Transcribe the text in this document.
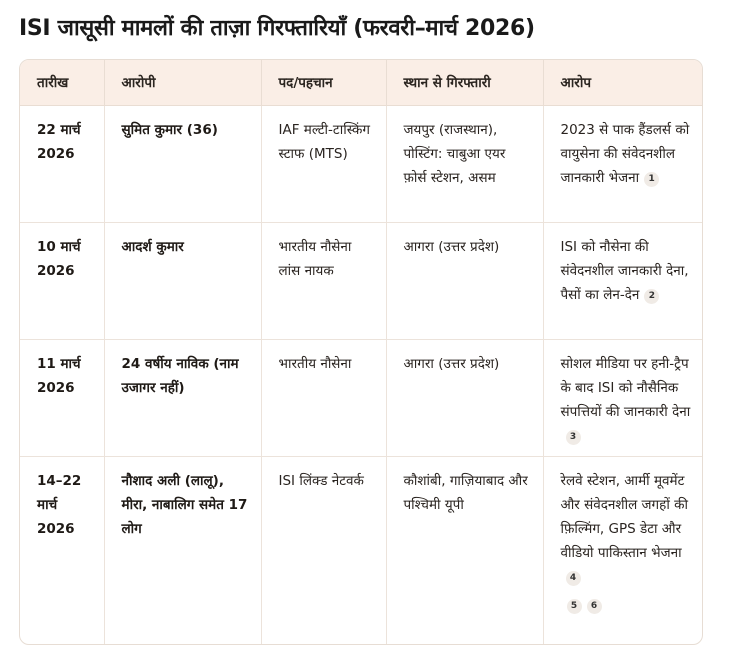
ISI जासूसी मामलों की ताज़ा गिरफ्तारियाँ (फरवरी–मार्च 2026)
तारीख	आरोपी	पद/पहचान	स्थान से गिरफ्तारी	आरोप
22 मार्च 2026	सुमित कुमार (36)	IAF मल्टी-टास्किंग स्टाफ (MTS)	जयपुर (राजस्थान), पोस्टिंग: चाबुआ एयर फ़ोर्स स्टेशन, असम	2023 से पाक हैंडलर्स को वायुसेना की संवेदनशील जानकारी भेजना 1
10 मार्च 2026	आदर्श कुमार	भारतीय नौसेना लांस नायक	आगरा (उत्तर प्रदेश)	ISI को नौसेना की संवेदनशील जानकारी देना, पैसों का लेन-देन 2
11 मार्च 2026	24 वर्षीय नाविक (नाम उजागर नहीं)	भारतीय नौसेना	आगरा (उत्तर प्रदेश)	सोशल मीडिया पर हनी-ट्रैप के बाद ISI को नौसैनिक संपत्तियों की जानकारी देना3
14–22 मार्च 2026	नौशाद अली (लालू), मीरा, नाबालिग समेत 17 लोग	ISI लिंक्ड नेटवर्क	कौशांबी, गाज़ियाबाद और पश्चिमी यूपी	रेलवे स्टेशन, आर्मी मूवमेंट और संवेदनशील जगहों की फ़िल्मिंग, GPS डेटा और वीडियो पाकिस्तान भेजना4
5 6
